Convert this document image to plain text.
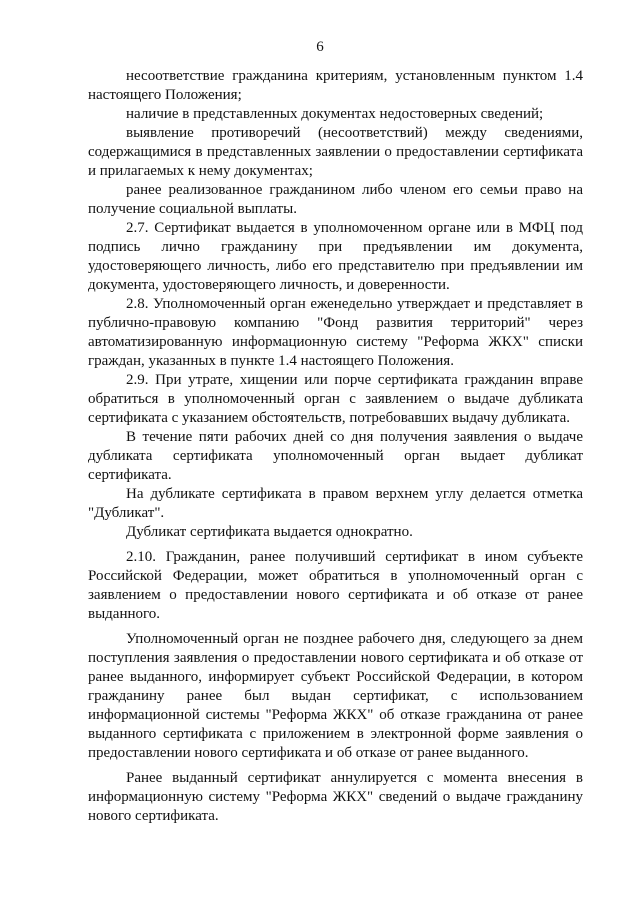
6

несоответствие гражданина критериям, установленным пунктом 1.4 настоящего Положения;

наличие в представленных документах недостоверных сведений;

выявление противоречий (несоответствий) между сведениями, содержащимися в представленных заявлении о предоставлении сертификата и прилагаемых к нему документах;

ранее реализованное гражданином либо членом его семьи право на получение социальной выплаты.

2.7. Сертификат выдается в уполномоченном органе или в МФЦ под подпись лично гражданину при предъявлении им документа, удостоверяющего личность, либо его представителю при предъявлении им документа, удостоверяющего личность, и доверенности.

2.8. Уполномоченный орган еженедельно утверждает и представляет в публично-правовую компанию "Фонд развития территорий" через автоматизированную информационную систему "Реформа ЖКХ" списки граждан, указанных в пункте 1.4 настоящего Положения.

2.9. При утрате, хищении или порче сертификата гражданин вправе обратиться в уполномоченный орган с заявлением о выдаче дубликата сертификата с указанием обстоятельств, потребовавших выдачу дубликата.

В течение пяти рабочих дней со дня получения заявления о выдаче дубликата сертификата уполномоченный орган выдает дубликат сертификата.

На дубликате сертификата в правом верхнем углу делается отметка "Дубликат".

Дубликат сертификата выдается однократно.

2.10. Гражданин, ранее получивший сертификат в ином субъекте Российской Федерации, может обратиться в уполномоченный орган с заявлением о предоставлении нового сертификата и об отказе от ранее выданного.

Уполномоченный орган не позднее рабочего дня, следующего за днем поступления заявления о предоставлении нового сертификата и об отказе от ранее выданного, информирует субъект Российской Федерации, в котором гражданину ранее был выдан сертификат, с использованием информационной системы "Реформа ЖКХ" об отказе гражданина от ранее выданного сертификата с приложением в электронной форме заявления о предоставлении нового сертификата и об отказе от ранее выданного.

Ранее выданный сертификат аннулируется с момента внесения в информационную систему "Реформа ЖКХ" сведений о выдаче гражданину нового сертификата.
